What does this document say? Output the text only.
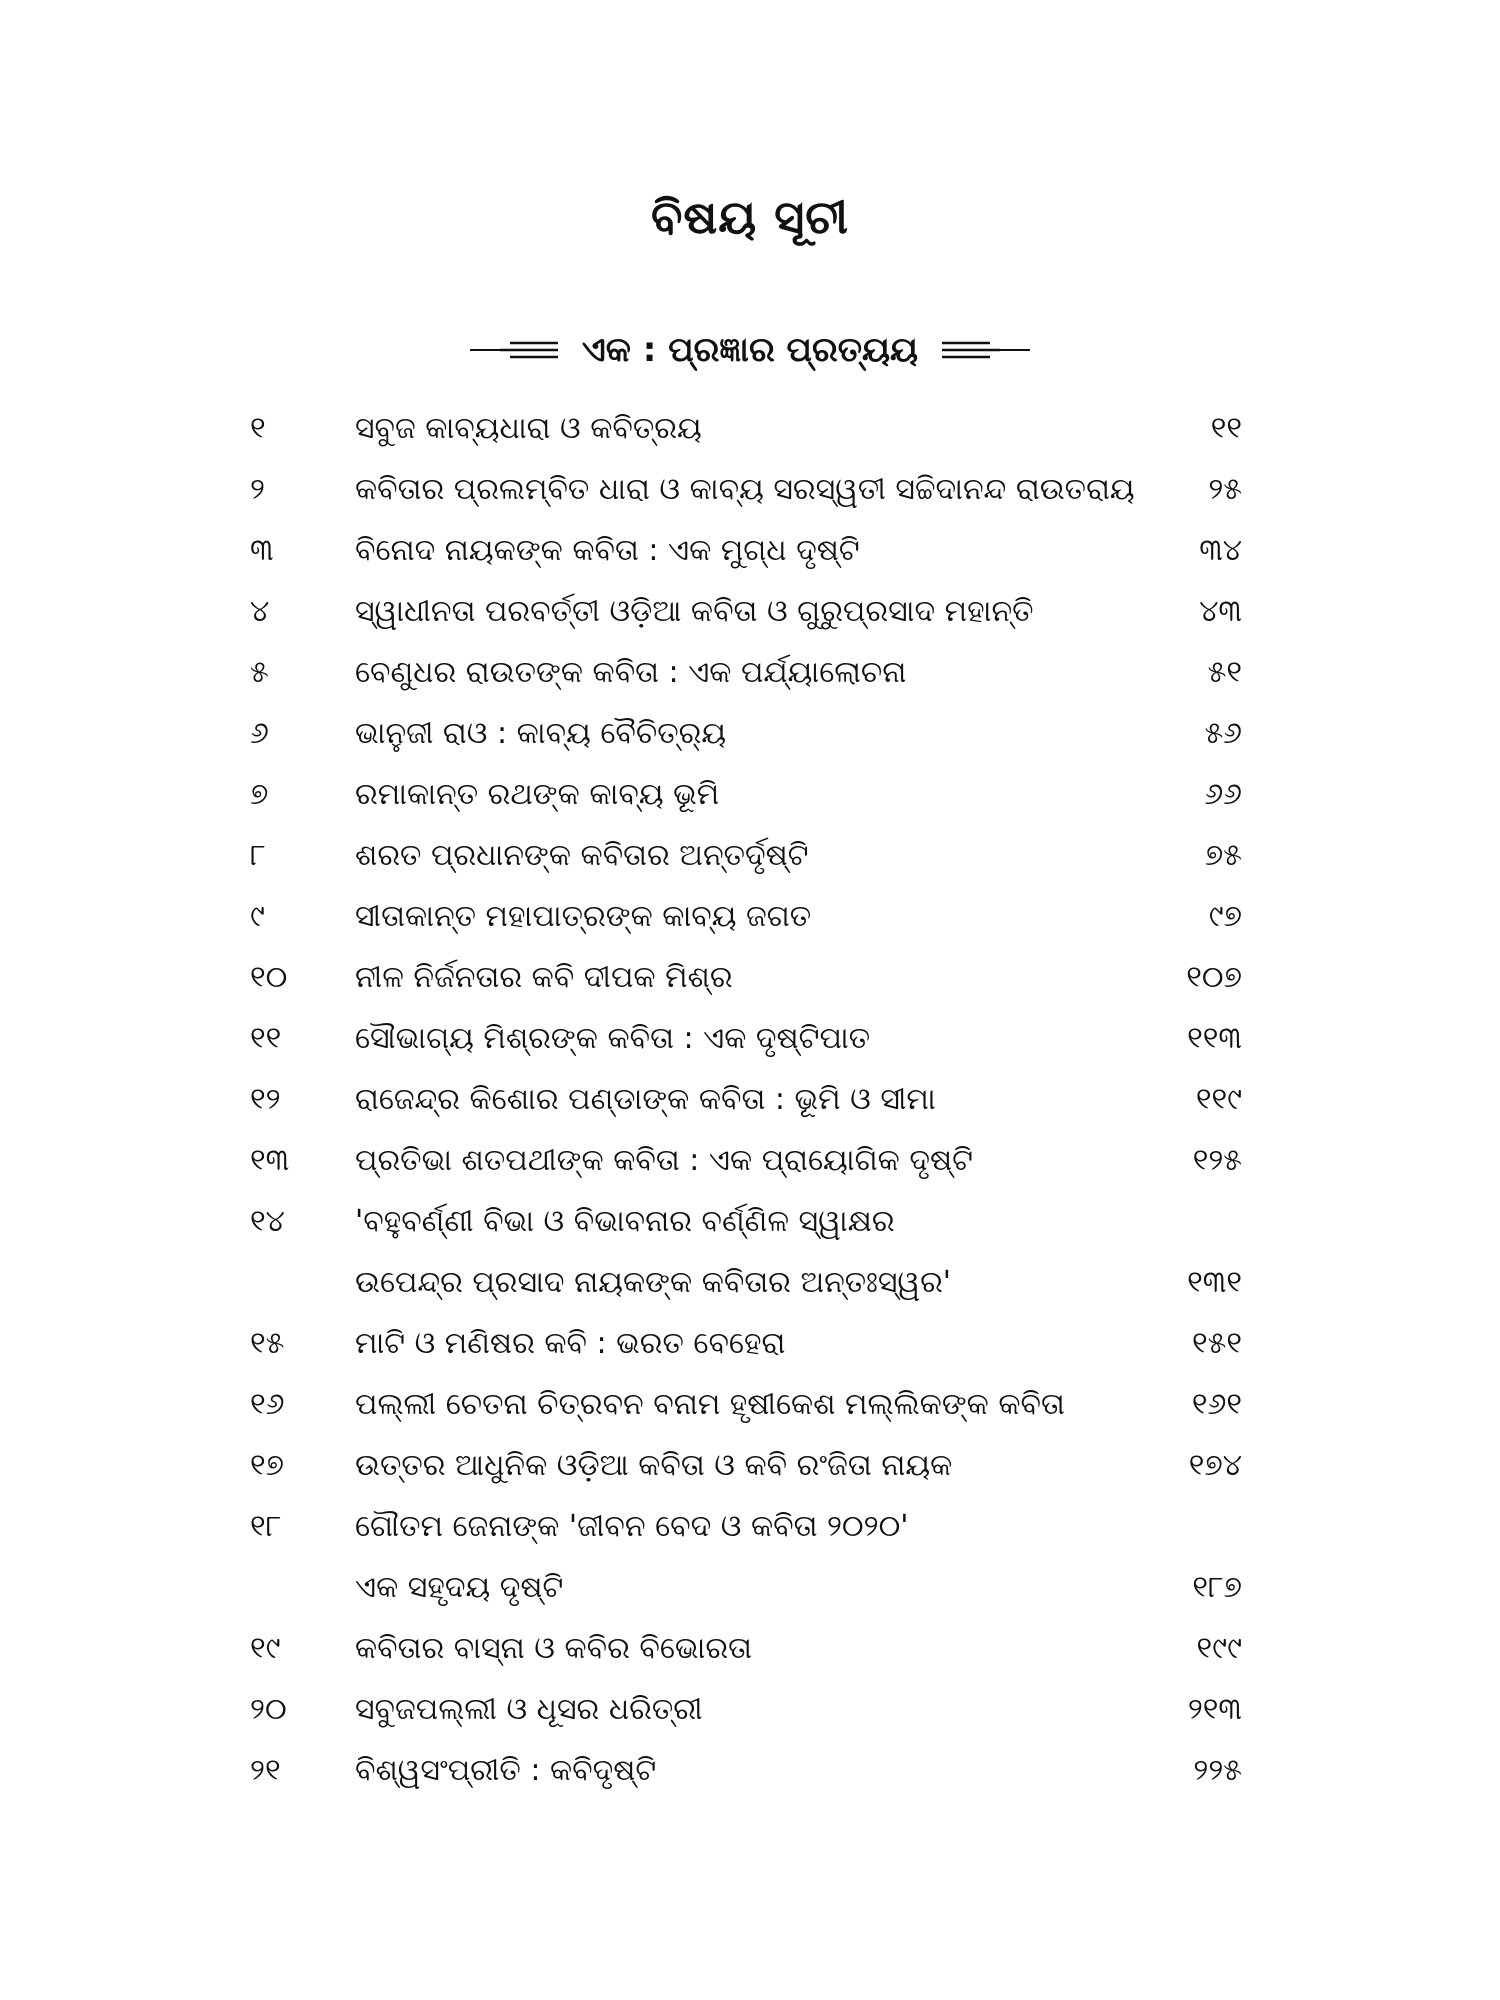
ବିଷୟ ସୂଚୀ
ଏକ : ପ୍ରଜ୍ଞାର ପ୍ରତ୍ୟୟ
୧	ସବୁଜ କାବ୍ୟଧାରା ଓ କବିତ୍ରୟ	୧୧
୨	କବିତାର ପ୍ରଲମ୍ବିତ ଧାରା ଓ କାବ୍ୟ ସରସ୍ୱତୀ ସଚ୍ଚିଦାନନ୍ଦ ରାଉତରାୟ	୨୫
୩	ବିନୋଦ ନାୟକଙ୍କ କବିତା : ଏକ ମୁଗ୍ଧ ଦୃଷ୍ଟି	୩୪
୪	ସ୍ୱାଧୀନତା ପରବର୍ତ୍ତୀ ଓଡ଼ିଆ କବିତା ଓ ଗୁରୁପ୍ରସାଦ ମହାନ୍ତି	୪୩
୫	ବେଣୁଧର ରାଉତଙ୍କ କବିତା : ଏକ ପର୍ଯ୍ୟାଲୋଚନା	୫୧
୬	ଭାନୁଜୀ ରାଓ : କାବ୍ୟ ବୈଚିତ୍ର୍ୟ	୫୬
୭	ରମାକାନ୍ତ ରଥଙ୍କ କାବ୍ୟ ଭୂମି	୬୬
୮	ଶରତ ପ୍ରଧାନଙ୍କ କବିତାର ଅନ୍ତର୍ଦୃଷ୍ଟି	୭୫
୯	ସୀତାକାନ୍ତ ମହାପାତ୍ରଙ୍କ କାବ୍ୟ ଜଗତ	୯୭
୧୦	ନୀଳ ନିର୍ଜନତାର କବି ଦୀପକ ମିଶ୍ର	୧୦୭
୧୧	ସୌଭାଗ୍ୟ ମିଶ୍ରଙ୍କ କବିତା : ଏକ ଦୃଷ୍ଟିପାତ	୧୧୩
୧୨	ରାଜେନ୍ଦ୍ର କିଶୋର ପଣ୍ଡାଙ୍କ କବିତା : ଭୂମି ଓ ସୀମା	୧୧୯
୧୩	ପ୍ରତିଭା ଶତପଥୀଙ୍କ କବିତା : ଏକ ପ୍ରାୟୋଗିକ ଦୃଷ୍ଟି	୧୨୫
୧୪	'ବହୁବର୍ଣ୍ଣୀ ବିଭା ଓ ବିଭାବନାର ବର୍ଣ୍ଣିଳ ସ୍ୱାକ୍ଷର
ଉପେନ୍ଦ୍ର ପ୍ରସାଦ ନାୟକଙ୍କ କବିତାର ଅନ୍ତଃସ୍ୱର'	୧୩୧
୧୫	ମାଟି ଓ ମଣିଷର କବି : ଭରତ ବେହେରା	୧୫୧
୧୬	ପଲ୍ଲୀ ଚେତନା ଚିତ୍ରବନ ବନାମ ହୃଷୀକେଶ ମଲ୍ଲିକଙ୍କ କବିତା	୧୬୧
୧୭	ଉତ୍ତର ଆଧୁନିକ ଓଡ଼ିଆ କବିତା ଓ କବି ରଂଜିତା ନାୟକ	୧୭୪
୧୮	ଗୌତମ ଜେନାଙ୍କ 'ଜୀବନ ବେଦ ଓ କବିତା ୨୦୨୦'
ଏକ ସହୃଦୟ ଦୃଷ୍ଟି	୧୮୭
୧୯	କବିତାର ବାସ୍ନା ଓ କବିର ବିଭୋରତା	୧୯୯
୨୦	ସବୁଜପଲ୍ଲୀ ଓ ଧୂସର ଧରିତ୍ରୀ	୨୧୩
୨୧	ବିଶ୍ୱସଂପ୍ରୀତି : କବିଦୃଷ୍ଟି	୨୨୫
